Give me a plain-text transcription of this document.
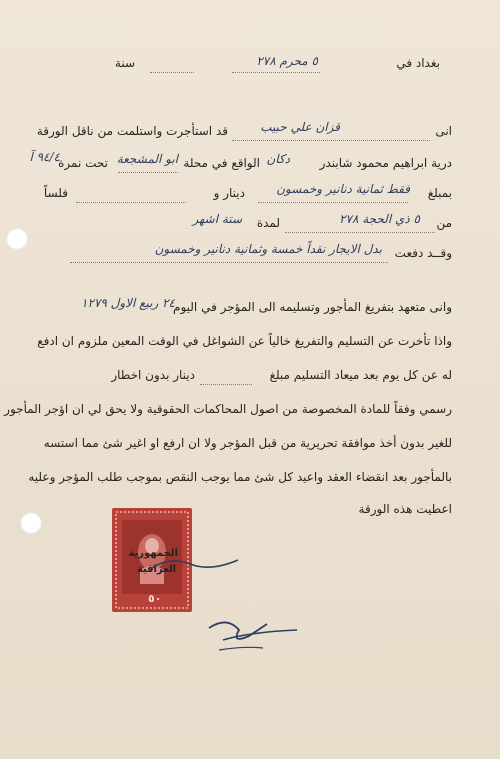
بغداد في
٥ محرم ٢٧٨
سنة
انى
قزان علي حبيب
قد استأجرت واستلمت من ناقل الورقة
درية ابراهيم محمود شابندر
دكان
الواقع في محلة
ابو المشجعة
تحت نمرة
٩٤/٤ آ
بمبلغ
فقط ثمانية دنانير وخمسون
دينار و
فلساً
من
٥ ذي الحجة ٢٧٨
لمدة
ستة اشهر
وقــد دفعت
بدل الايجار نقداً خمسة وثمانية دنانير وخمسون
وانى متعهد بتفريغ المأجور وتسليمه الى المؤجر في اليوم
٢٤ ربيع الاول ١٢٧٩
واذا تأخرت عن التسليم والتفريغ خالياً عن الشواغل في الوقت المعين ملزوم ان ادفع
له عن كل يوم بعد ميعاد التسليم مبلغ
دينار بدون اخطار
رسمي وفقاً للمادة المخصوصة من اصول المحاكمات الحقوقية ولا يحق لي ان اؤجر المأجور
للغير بدون أخذ موافقة تحريرية من قبل المؤجر ولا ان ارفع او اغير شئ مما استسه
بالمأجور بعد انقضاء العقد واعيد كل شئ مما يوجب النقص بموجب طلب المؤجر وعليه
اعطيت هذه الورقة
الجمهورية
العراقية
٥٠
